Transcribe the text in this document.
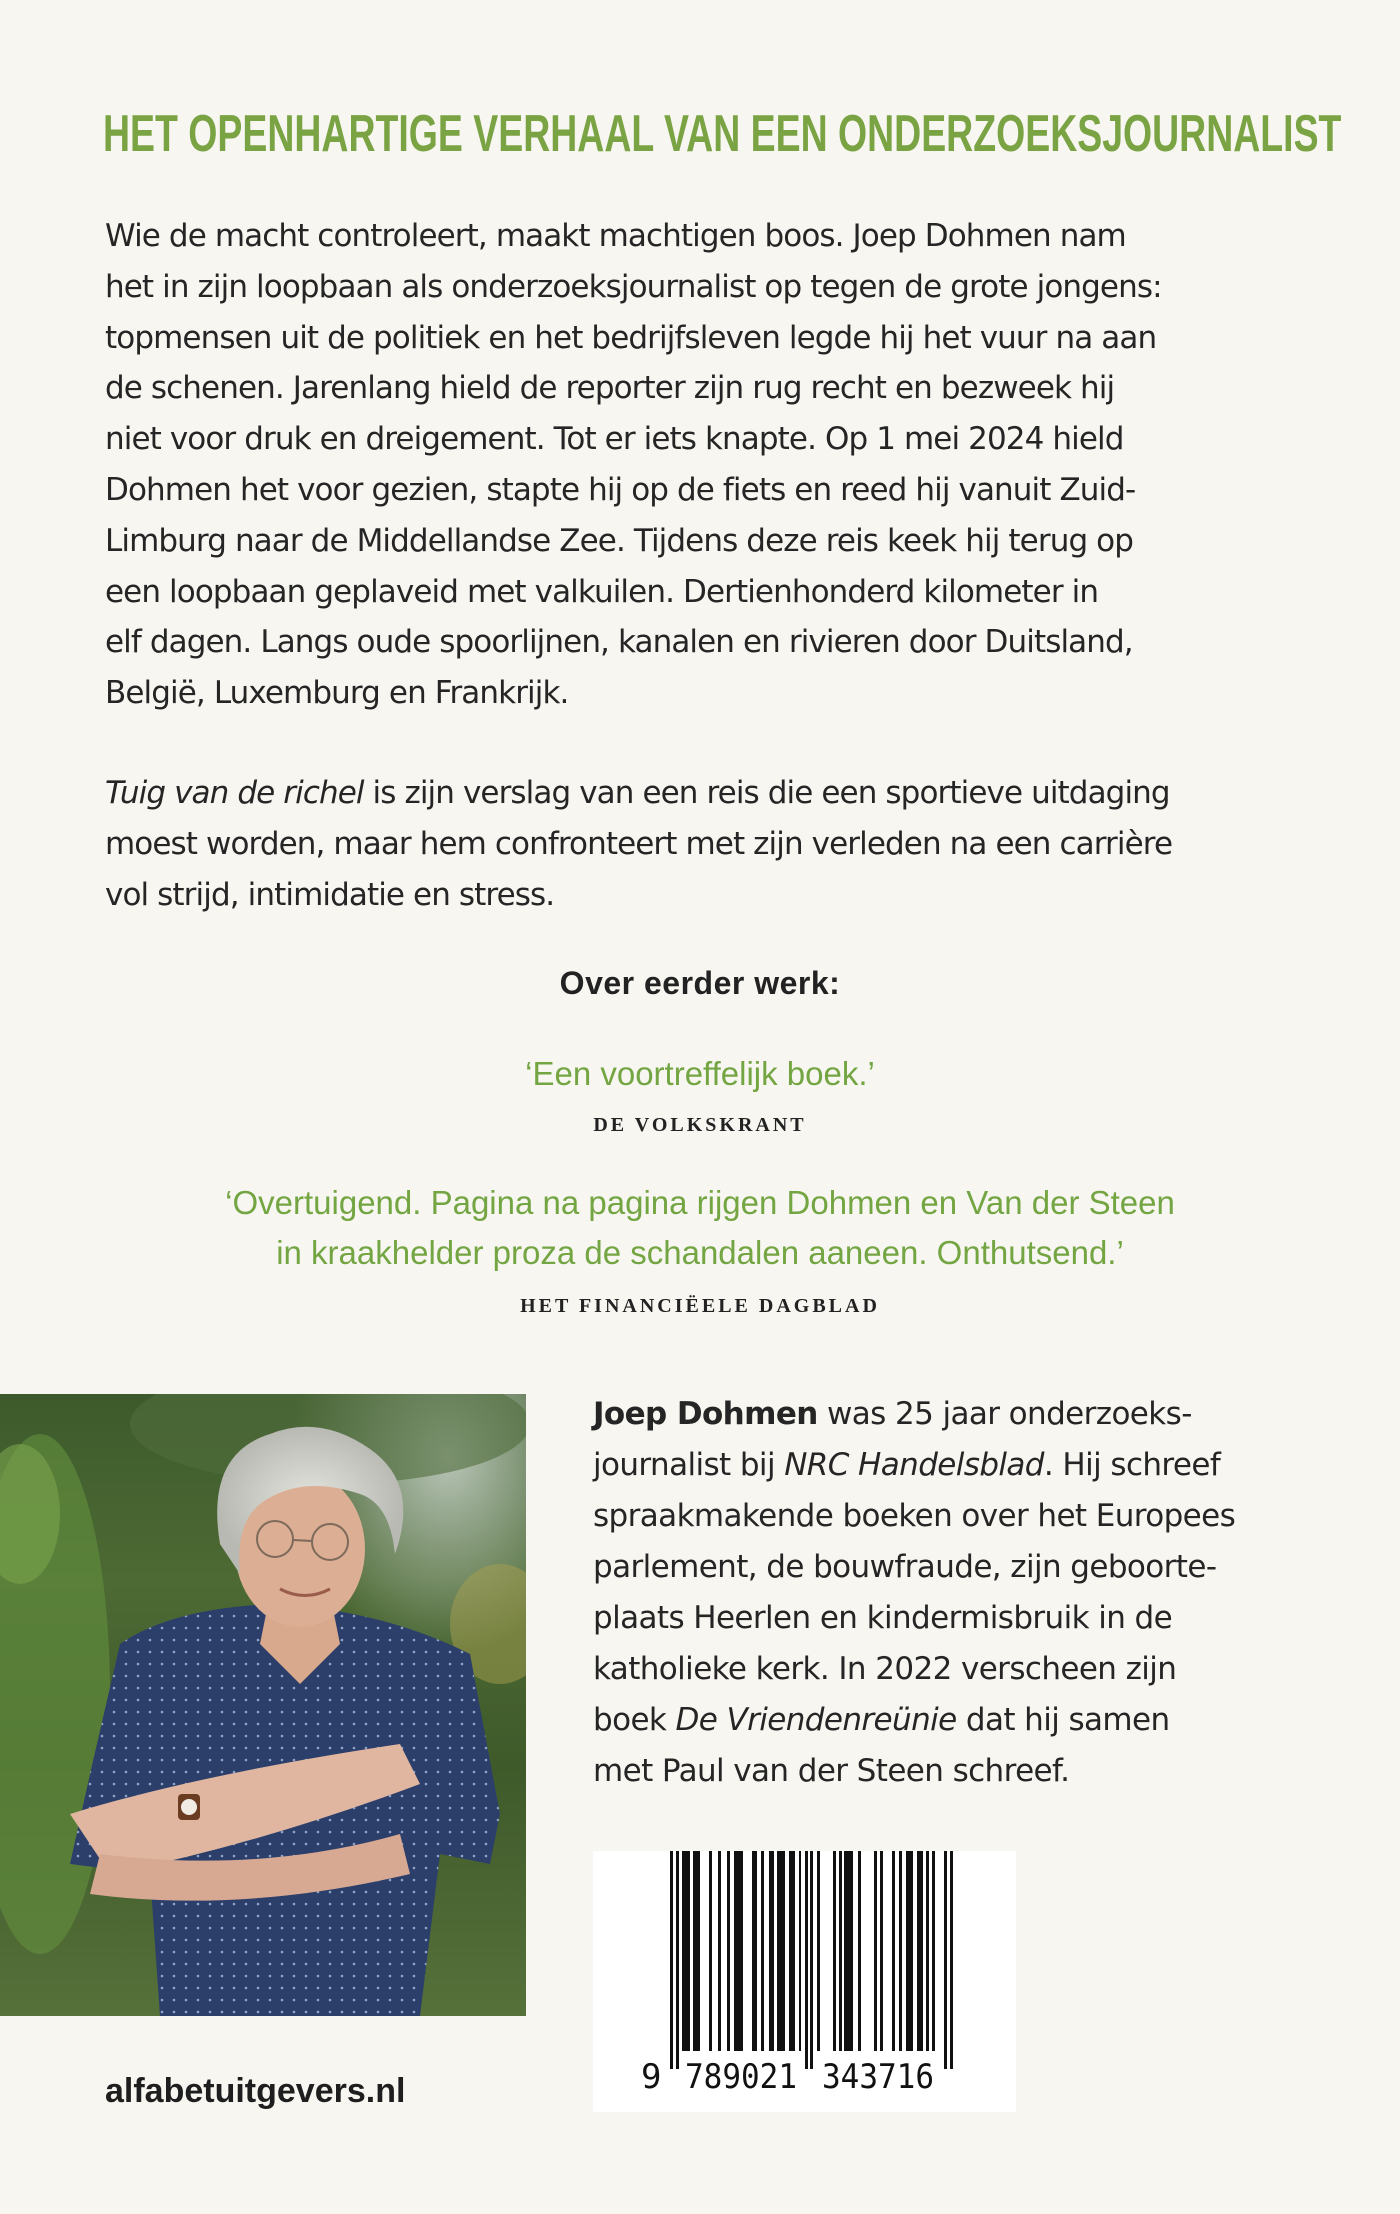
HET OPENHARTIGE VERHAAL VAN EEN ONDERZOEKSJOURNALIST
Wie de macht controleert, maakt machtigen boos. Joep Dohmen nam
het in zijn loopbaan als onderzoeksjournalist op tegen de grote jongens:
topmensen uit de politiek en het bedrijfsleven legde hij het vuur na aan
de schenen. Jarenlang hield de reporter zijn rug recht en bezweek hij
niet voor druk en dreigement. Tot er iets knapte. Op 1 mei 2024 hield
Dohmen het voor gezien, stapte hij op de fiets en reed hij vanuit Zuid-
Limburg naar de Middellandse Zee. Tijdens deze reis keek hij terug op
een loopbaan geplaveid met valkuilen. Dertienhonderd kilometer in
elf dagen. Langs oude spoorlijnen, kanalen en rivieren door Duitsland,
België, Luxemburg en Frankrijk.
Tuig van de richel is zijn verslag van een reis die een sportieve uitdaging
moest worden, maar hem confronteert met zijn verleden na een carrière
vol strijd, intimidatie en stress.
Over eerder werk:
‘Een voortreffelijk boek.’
DE VOLKSKRANT
‘Overtuigend. Pagina na pagina rijgen Dohmen en Van der Steen
in kraakhelder proza de schandalen aaneen. Onthutsend.’
HET FINANCIËELE DAGBLAD
Joep Dohmen was 25 jaar onderzoeks-
journalist bij NRC Handelsblad. Hij schreef
spraakmakende boeken over het Europees
parlement, de bouwfraude, zijn geboorte-
plaats Heerlen en kindermisbruik in de
katholieke kerk. In 2022 verscheen zijn
boek De Vriendenreünie dat hij samen
met Paul van der Steen schreef.
9 789021 343716
alfabetuitgevers.nl
